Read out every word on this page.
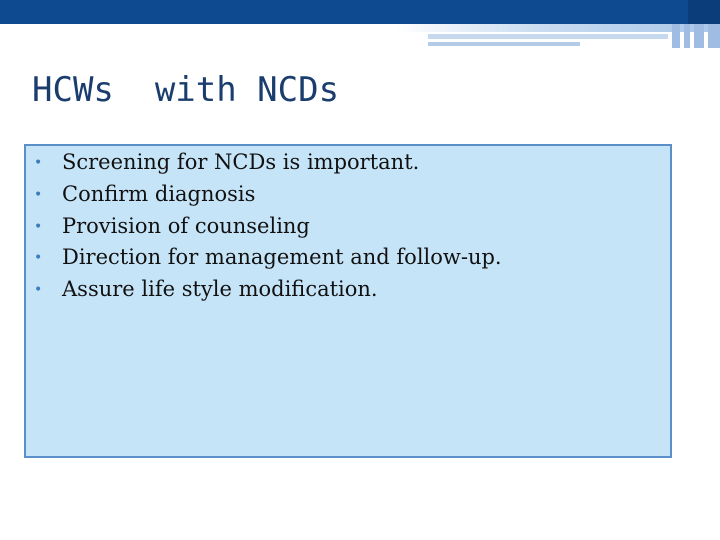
HCWs  with NCDs
• Screening for NCDs is important.
• Confirm diagnosis
• Provision of counseling
• Direction for management and follow-up.
• Assure life style modification.
